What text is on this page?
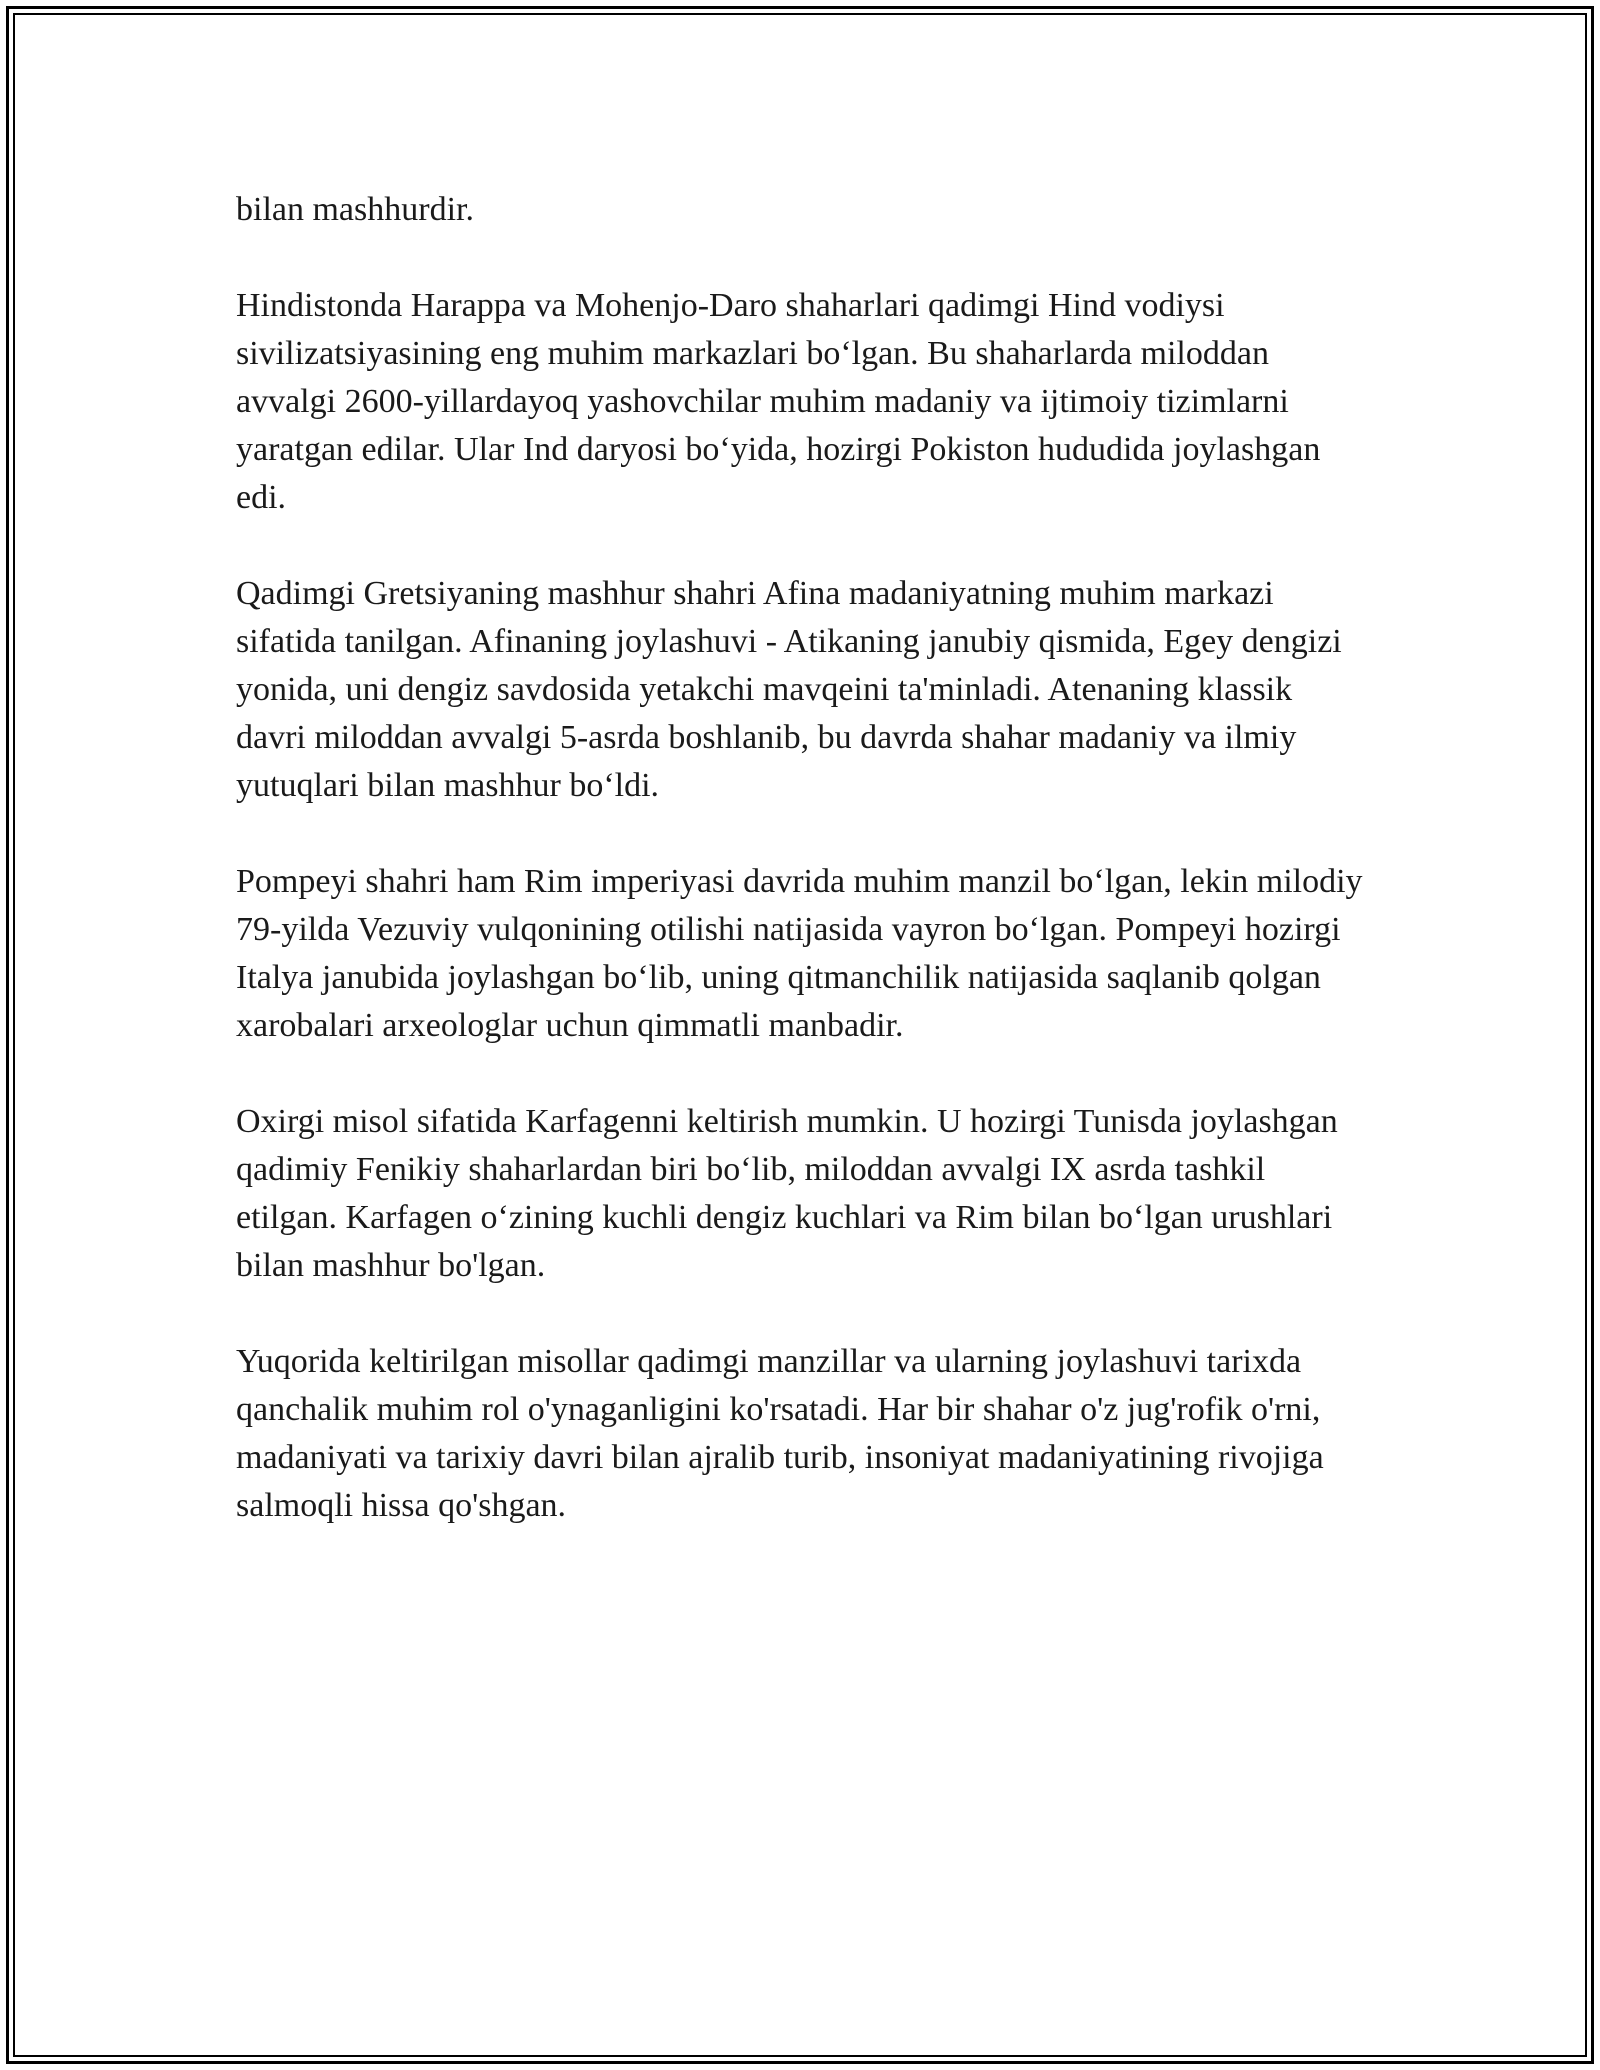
bilan mashhurdir.

Hindistonda Harappa va Mohenjo-Daro shaharlari qadimgi Hind vodiysi sivilizatsiyasining eng muhim markazlari bo‘lgan. Bu shaharlarda miloddan avvalgi 2600-yillardayoq yashovchilar muhim madaniy va ijtimoiy tizimlarni yaratgan edilar. Ular Ind daryosi bo‘yida, hozirgi Pokiston hududida joylashgan edi.

Qadimgi Gretsiyaning mashhur shahri Afina madaniyatning muhim markazi sifatida tanilgan. Afinaning joylashuvi - Atikaning janubiy qismida, Egey dengizi yonida, uni dengiz savdosida yetakchi mavqeini ta'minladi. Atenaning klassik davri miloddan avvalgi 5-asrda boshlanib, bu davrda shahar madaniy va ilmiy yutuqlari bilan mashhur bo‘ldi.

Pompeyi shahri ham Rim imperiyasi davrida muhim manzil bo‘lgan, lekin milodiy 79-yilda Vezuviy vulqonining otilishi natijasida vayron bo‘lgan. Pompeyi hozirgi Italya janubida joylashgan bo‘lib, uning qitmanchilik natijasida saqlanib qolgan xarobalari arxeologlar uchun qimmatli manbadir.

Oxirgi misol sifatida Karfagenni keltirish mumkin. U hozirgi Tunisda joylashgan qadimiy Fenikiy shaharlardan biri bo‘lib, miloddan avvalgi IX asrda tashkil etilgan. Karfagen o‘zining kuchli dengiz kuchlari va Rim bilan bo‘lgan urushlari bilan mashhur bo'lgan.

Yuqorida keltirilgan misollar qadimgi manzillar va ularning joylashuvi tarixda qanchalik muhim rol o'ynaganligini ko'rsatadi. Har bir shahar o'z jug'rofik o'rni, madaniyati va tarixiy davri bilan ajralib turib, insoniyat madaniyatining rivojiga salmoqli hissa qo'shgan.
